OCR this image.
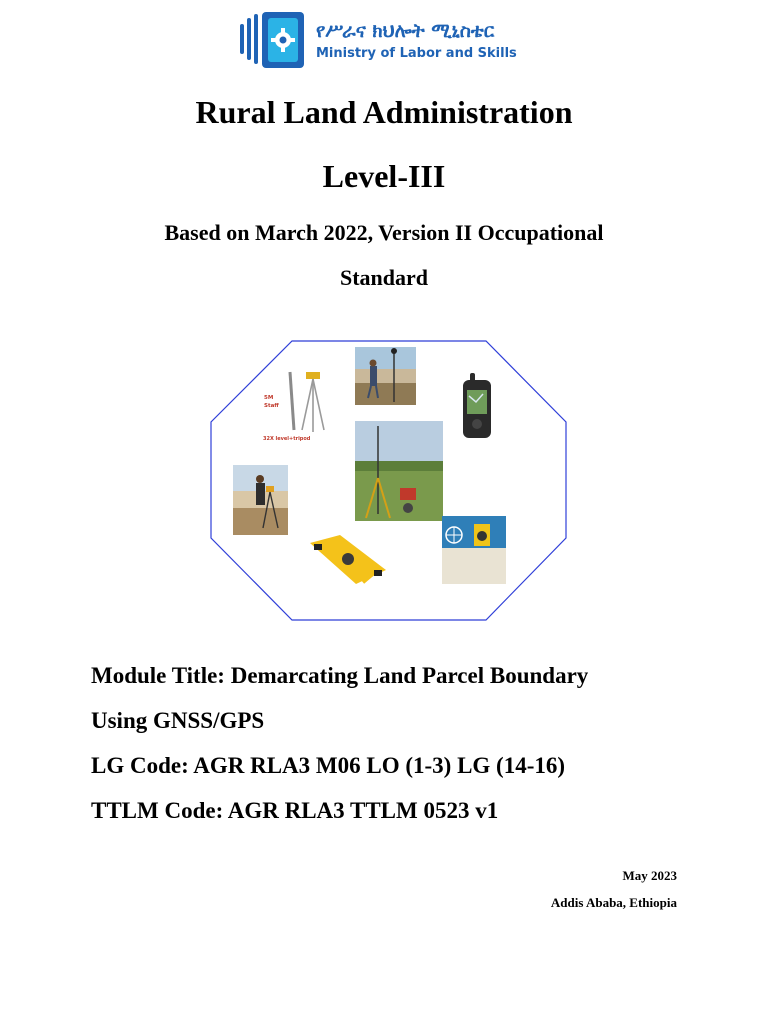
የሥራና ክህሎት ሚኒስቴር
Ministry of Labor and Skills
Rural Land Administration
Level-III
Based on March 2022, Version II Occupational
Standard
5M
Staff
32X level+tripod
Module Title: Demarcating Land Parcel Boundary
Using GNSS/GPS
LG Code: AGR RLA3 M06 LO (1-3) LG (14-16)
TTLM Code: AGR RLA3 TTLM 0523 v1
May 2023
Addis Ababa, Ethiopia
